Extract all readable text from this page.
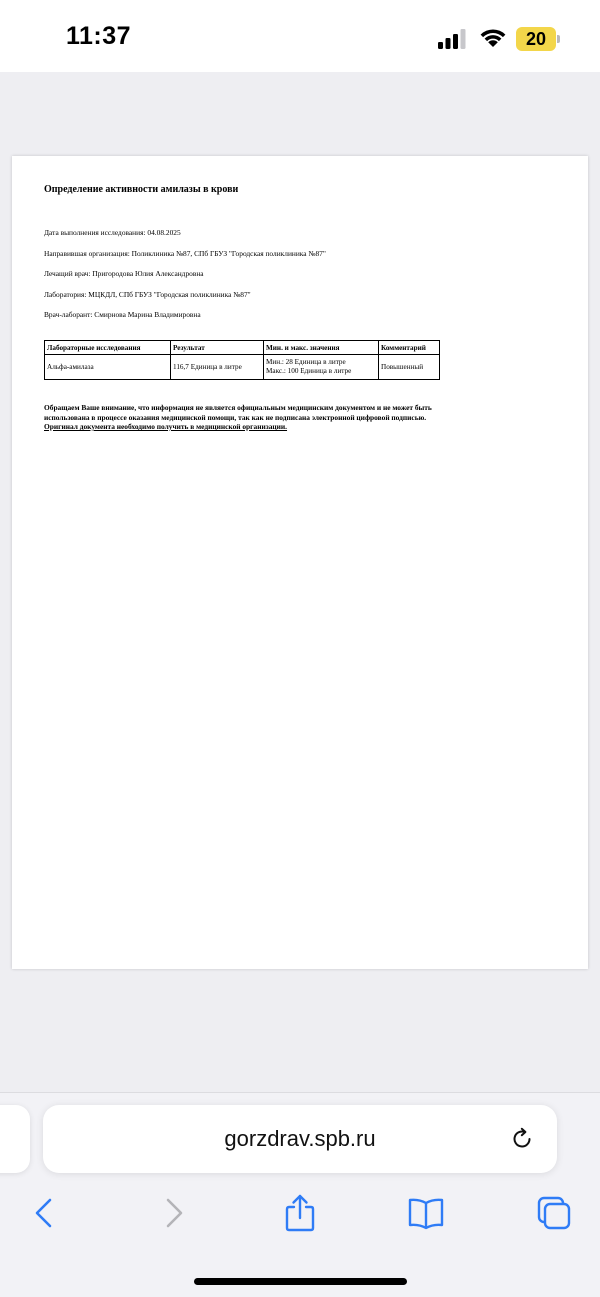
11:37	20
Определение активности амилазы в крови
Дата выполнения исследования: 04.08.2025
Направившая организация: Поликлиника №87, СПб ГБУЗ "Городская поликлиника №87"
Лечащий врач: Пригородова Юлия Александровна
Лаборатория: МЦКДЛ, СПб ГБУЗ "Городская поликлиника №87"
Врач-лаборант: Смирнова Марина Владимировна
Лабораторные исследования	Результат	Мин. и макс. значения	Комментарий
Альфа-амилаза	116,7 Единица в литре	Мин.: 28 Единица в литре
Макс.: 100 Единица в литре	Повышенный
Обращаем Ваше внимание, что информация не является официальным медицинским документом и не может быть
использована в процессе оказания медицинской помощи, так как не подписана электронной цифровой подписью.
Оригинал документа необходимо получить в медицинской организации.
gorzdrav.spb.ru
